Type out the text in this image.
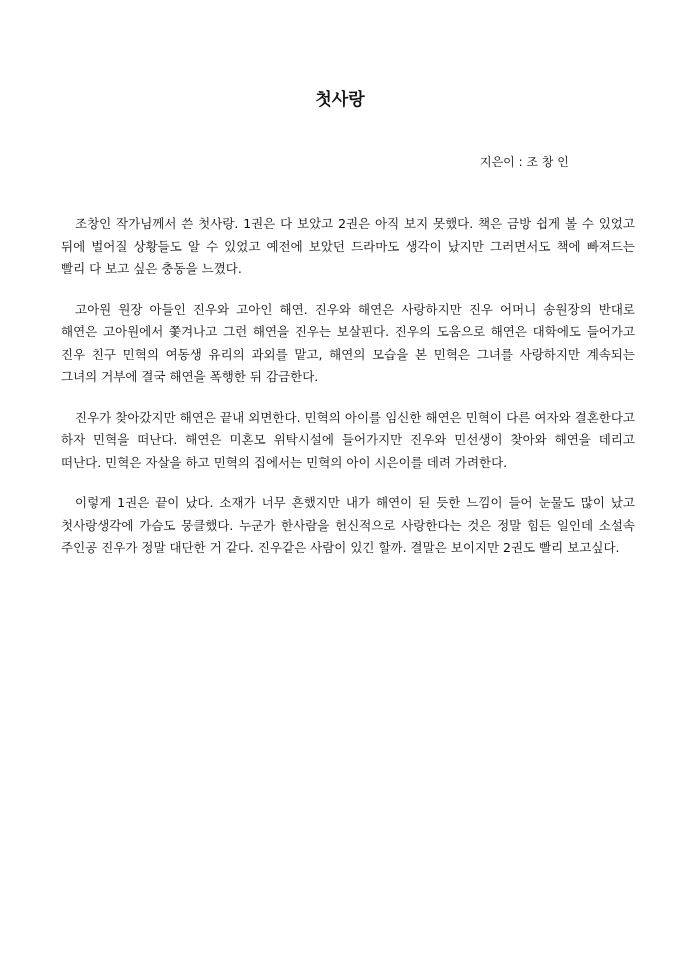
첫사랑
지은이 : 조 창 인

조창인 작가님께서 쓴 첫사랑. 1권은 다 보았고 2권은 아직 보지 못했다. 책은 금방 쉽게 볼 수 있었고 뒤에 벌어질 상황들도 알 수 있었고 예전에 보았던 드라마도 생각이 났지만 그러면서도 책에 빠져드는 빨리 다 보고 싶은 충동을 느꼈다.

고아원 원장 아들인 진우와 고아인 해연. 진우와 해연은 사랑하지만 진우 어머니 송원장의 반대로 해연은 고아원에서 쫓겨나고 그런 해연을 진우는 보살핀다. 진우의 도움으로 해연은 대학에도 들어가고 진우 친구 민혁의 여동생 유리의 과외를 맡고, 해연의 모습을 본 민혁은 그녀를 사랑하지만 계속되는 그녀의 거부에 결국 해연을 폭행한 뒤 감금한다.

진우가 찾아갔지만 해연은 끝내 외면한다. 민혁의 아이를 임신한 해연은 민혁이 다른 여자와 결혼한다고 하자 민혁을 떠난다. 해연은 미혼모 위탁시설에 들어가지만 진우와 민선생이 찾아와 해연을 데리고 떠난다. 민혁은 자살을 하고 민혁의 집에서는 민혁의 아이 시은이를 데려 가려한다.

이렇게 1권은 끝이 났다. 소재가 너무 흔했지만 내가 해연이 된 듯한 느낌이 들어 눈물도 많이 났고 첫사랑생각에 가슴도 뭉클했다. 누군가 한사람을 헌신적으로 사랑한다는 것은 정말 힘든 일인데 소설속 주인공 진우가 정말 대단한 거 같다. 진우같은 사람이 있긴 할까. 결말은 보이지만 2권도 빨리 보고싶다.
